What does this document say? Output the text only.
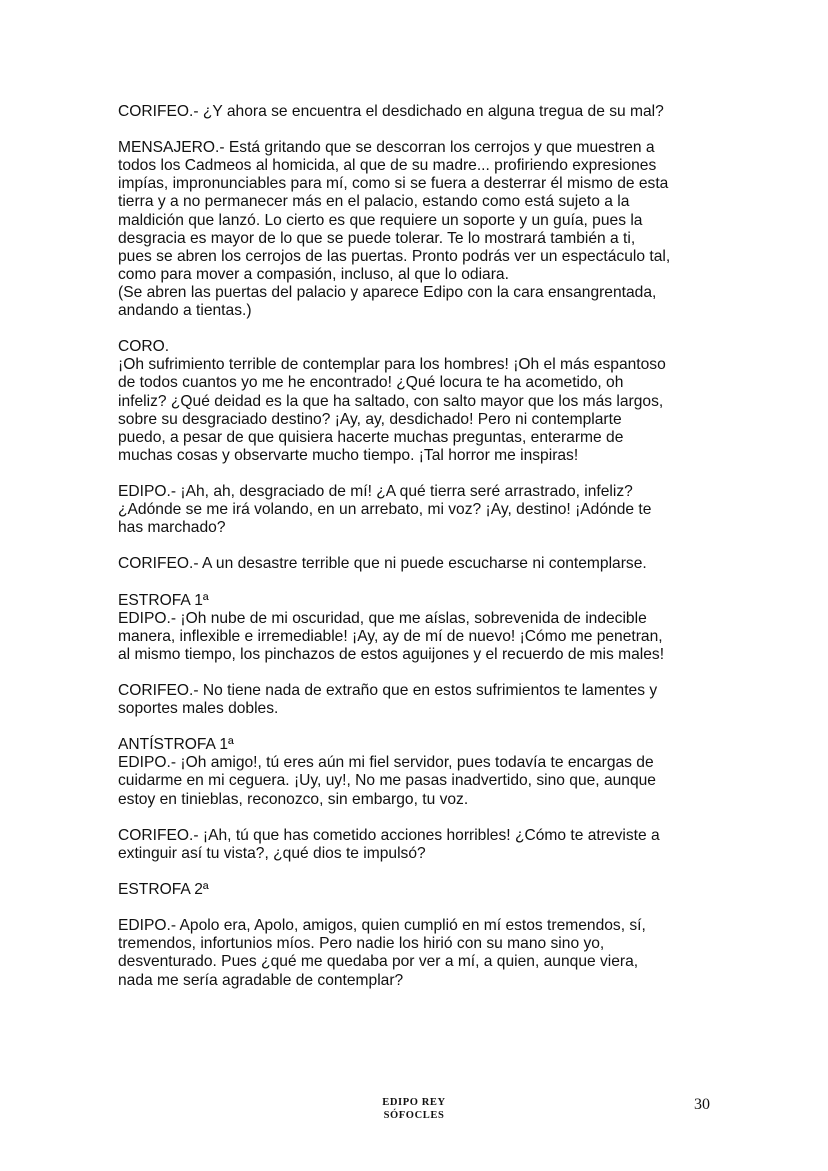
CORIFEO.- ¿Y ahora se encuentra el desdichado en alguna tregua de su mal?

MENSAJERO.- Está gritando que se descorran los cerrojos y que muestren a
todos los Cadmeos al homicida, al que de su madre... profiriendo expresiones
impías, impronunciables para mí, como si se fuera a desterrar él mismo de esta
tierra y a no permanecer más en el palacio, estando como está sujeto a la
maldición que lanzó. Lo cierto es que requiere un soporte y un guía, pues la
desgracia es mayor de lo que se puede tolerar. Te lo mostrará también a ti,
pues se abren los cerrojos de las puertas. Pronto podrás ver un espectáculo tal,
como para mover a compasión, incluso, al que lo odiara.
(Se abren las puertas del palacio y aparece Edipo con la cara ensangrentada,
andando a tientas.)

CORO.
¡Oh sufrimiento terrible de contemplar para los hombres! ¡Oh el más espantoso
de todos cuantos yo me he encontrado! ¿Qué locura te ha acometido, oh
infeliz? ¿Qué deidad es la que ha saltado, con salto mayor que los más largos,
sobre su desgraciado destino? ¡Ay, ay, desdichado! Pero ni contemplarte
puedo, a pesar de que quisiera hacerte muchas preguntas, enterarme de
muchas cosas y observarte mucho tiempo. ¡Tal horror me inspiras!

EDIPO.- ¡Ah, ah, desgraciado de mí! ¿A qué tierra seré arrastrado, infeliz?
¿Adónde se me irá volando, en un arrebato, mi voz? ¡Ay, destino! ¡Adónde te
has marchado?

CORIFEO.- A un desastre terrible que ni puede escucharse ni contemplarse.

ESTROFA 1ª
EDIPO.- ¡Oh nube de mi oscuridad, que me aíslas, sobrevenida de indecible
manera, inflexible e irremediable! ¡Ay, ay de mí de nuevo! ¡Cómo me penetran,
al mismo tiempo, los pinchazos de estos aguijones y el recuerdo de mis males!

CORIFEO.- No tiene nada de extraño que en estos sufrimientos te lamentes y
soportes males dobles.

ANTÍSTROFA 1ª
EDIPO.- ¡Oh amigo!, tú eres aún mi fiel servidor, pues todavía te encargas de
cuidarme en mi ceguera. ¡Uy, uy!, No me pasas inadvertido, sino que, aunque
estoy en tinieblas, reconozco, sin embargo, tu voz.

CORIFEO.- ¡Ah, tú que has cometido acciones horribles! ¿Cómo te atreviste a
extinguir así tu vista?, ¿qué dios te impulsó?

ESTROFA 2ª

EDIPO.- Apolo era, Apolo, amigos, quien cumplió en mí estos tremendos, sí,
tremendos, infortunios míos. Pero nadie los hirió con su mano sino yo,
desventurado. Pues ¿qué me quedaba por ver a mí, a quien, aunque viera,
nada me sería agradable de contemplar?

EDIPO REY
SÓFOCLES
30
